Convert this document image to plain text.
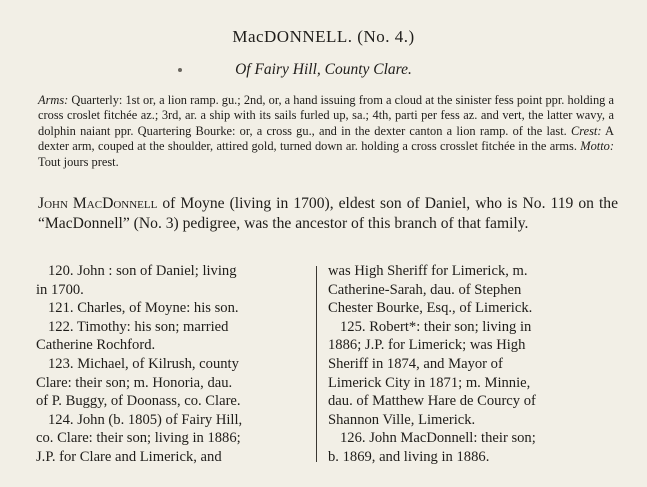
MacDONNELL. (No. 4.)
Of Fairy Hill, County Clare.
Arms: Quarterly: 1st or, a lion ramp. gu.; 2nd, or, a hand issuing from a cloud at the sinister fess point ppr. holding a cross croslet fitchée az.; 3rd, ar. a ship with its sails furled up, sa.; 4th, parti per fess az. and vert, the latter wavy, a dolphin naiant ppr. Quartering Bourke: or, a cross gu., and in the dexter canton a lion ramp. of the last. Crest: A dexter arm, couped at the shoulder, attired gold, turned down ar. holding a cross crosslet fitchée in the arms. Motto: Tout jours prest.
John MacDonnell of Moyne (living in 1700), eldest son of Daniel, who is No. 119 on the “MacDonnell” (No. 3) pedigree, was the ancestor of this branch of that family.
120. John : son of Daniel; living
in 1700.
121. Charles, of Moyne: his son.
122. Timothy: his son; married
Catherine Rochford.
123. Michael, of Kilrush, county
Clare: their son; m. Honoria, dau.
of P. Buggy, of Doonass, co. Clare.
124. John (b. 1805) of Fairy Hill,
co. Clare: their son; living in 1886;
J.P. for Clare and Limerick, and
was High Sheriff for Limerick, m.
Catherine-Sarah, dau. of Stephen
Chester Bourke, Esq., of Limerick.
125. Robert*: their son; living in
1886; J.P. for Limerick; was High
Sheriff in 1874, and Mayor of
Limerick City in 1871; m. Minnie,
dau. of Matthew Hare de Courcy of
Shannon Ville, Limerick.
126. John MacDonnell: their son;
b. 1869, and living in 1886.
